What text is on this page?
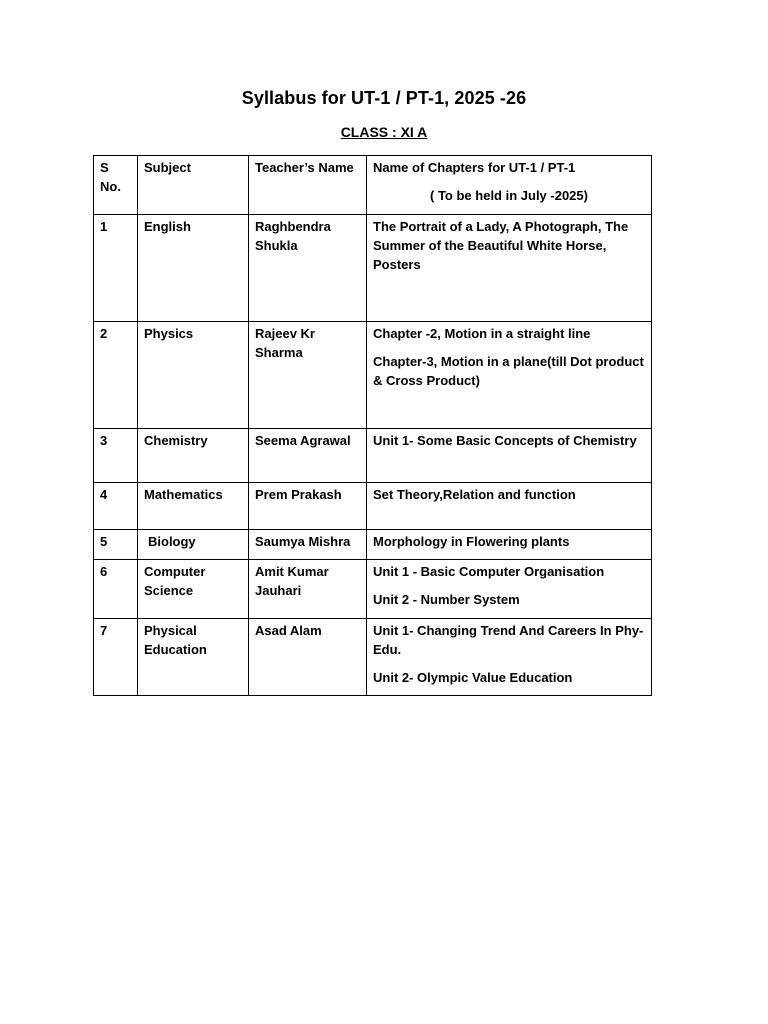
Syllabus for UT-1 / PT-1, 2025 -26
CLASS : XI A
S No.	Subject	Teacher’s Name	Name of Chapters for UT-1 / PT-1
( To be held in July -2025)

1	English	Raghbendra Shukla	The Portrait of a Lady, A Photograph, The Summer of the Beautiful White Horse, Posters

2	Physics	Rajeev Kr Sharma	Chapter -2, Motion in a straight line

Chapter-3, Motion in a plane(till Dot product & Cross Product)

3	Chemistry	Seema Agrawal	Unit 1- Some Basic Concepts of Chemistry

4	Mathematics	Prem Prakash	Set Theory,Relation and function

5	Biology	Saumya Mishra	Morphology in Flowering plants

6	Computer Science	Amit Kumar Jauhari	Unit 1 - Basic Computer Organisation

Unit 2 - Number System

7	Physical Education	Asad Alam	Unit 1- Changing Trend And Careers In Phy-Edu.

Unit 2- Olympic Value Education
